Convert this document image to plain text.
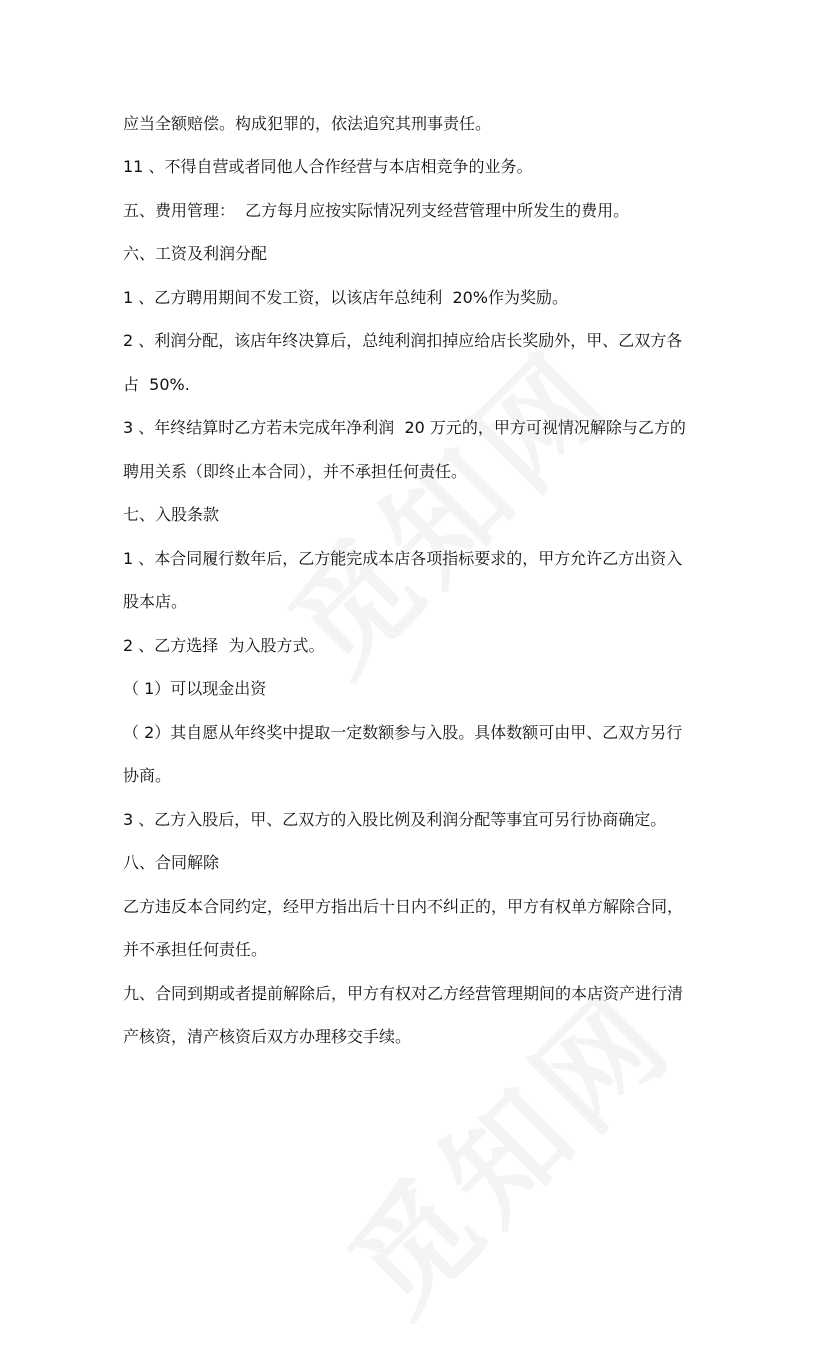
应当全额赔偿。构成犯罪的，依法追究其刑事责任。
11 、不得自营或者同他人合作经营与本店相竞争的业务。
五、费用管理：  乙方每月应按实际情况列支经营管理中所发生的费用。
六、工资及利润分配
1 、乙方聘用期间不发工资，以该店年总纯利  20%作为奖励。
2 、利润分配，该店年终决算后，总纯利润扣掉应给店长奖励外，甲、乙双方各
占  50%.
3 、年终结算时乙方若未完成年净利润  20 万元的，甲方可视情况解除与乙方的
聘用关系（即终止本合同），并不承担任何责任。
七、入股条款
1 、本合同履行数年后，乙方能完成本店各项指标要求的，甲方允许乙方出资入
股本店。
2 、乙方选择  为入股方式。
（ 1）可以现金出资
（ 2）其自愿从年终奖中提取一定数额参与入股。具体数额可由甲、乙双方另行
协商。
3 、乙方入股后，甲、乙双方的入股比例及利润分配等事宜可另行协商确定。
八、合同解除
乙方违反本合同约定，经甲方指出后十日内不纠正的，甲方有权单方解除合同，
并不承担任何责任。
九、合同到期或者提前解除后，甲方有权对乙方经营管理期间的本店资产进行清
产核资，清产核资后双方办理移交手续。
